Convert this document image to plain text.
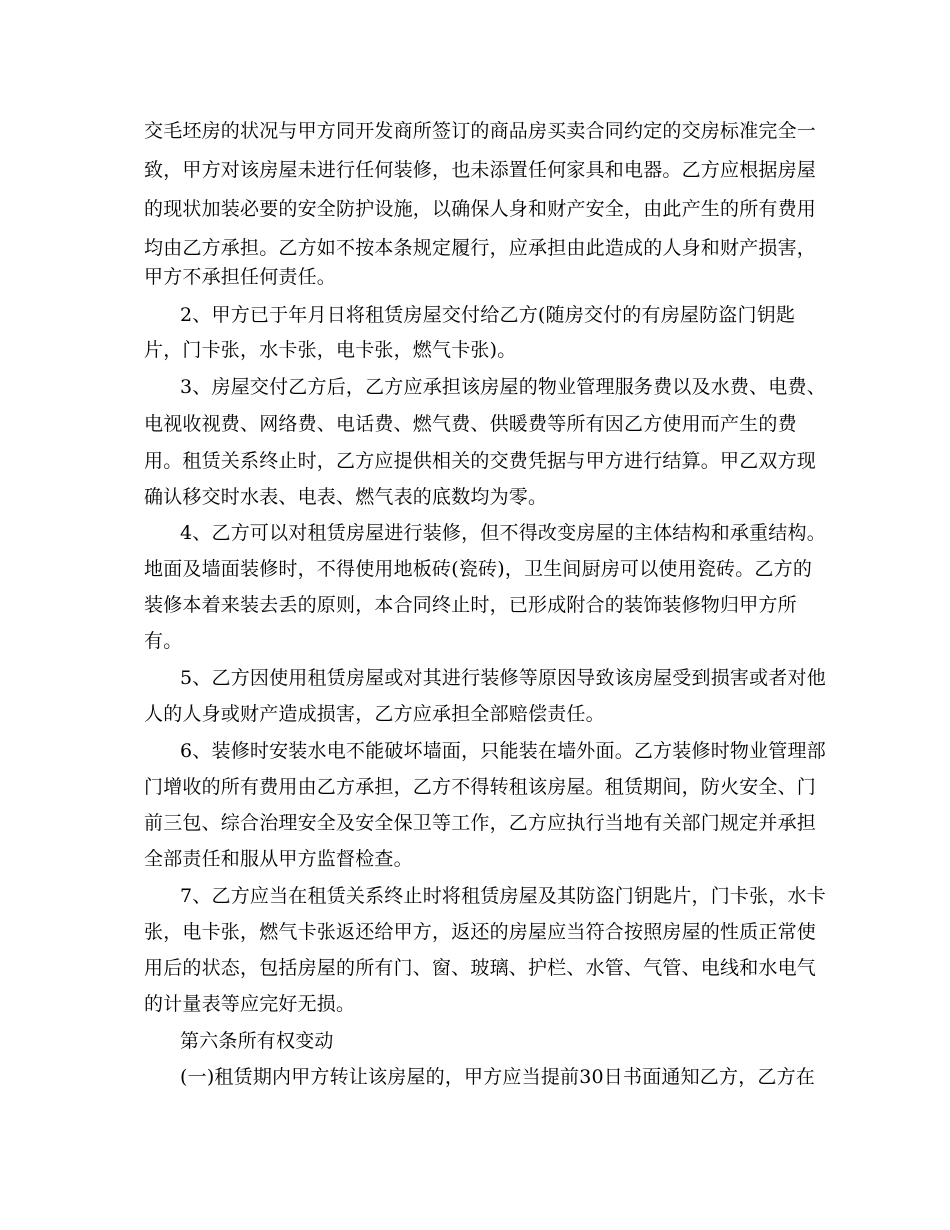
交毛坯房的状况与甲方同开发商所签订的商品房买卖合同约定的交房标准完全一
致，甲方对该房屋未进行任何装修，也未添置任何家具和电器。乙方应根据房屋
的现状加装必要的安全防护设施，以确保人身和财产安全，由此产生的所有费用
均由乙方承担。乙方如不按本条规定履行，应承担由此造成的人身和财产损害，
甲方不承担任何责任。
2、甲方已于年月日将租赁房屋交付给乙方(随房交付的有房屋防盗门钥匙
片，门卡张，水卡张，电卡张，燃气卡张)。
3、房屋交付乙方后，乙方应承担该房屋的物业管理服务费以及水费、电费、
电视收视费、网络费、电话费、燃气费、供暖费等所有因乙方使用而产生的费
用。租赁关系终止时，乙方应提供相关的交费凭据与甲方进行结算。甲乙双方现
确认移交时水表、电表、燃气表的底数均为零。
4、乙方可以对租赁房屋进行装修，但不得改变房屋的主体结构和承重结构。
地面及墙面装修时，不得使用地板砖(瓷砖)，卫生间厨房可以使用瓷砖。乙方的
装修本着来装去丢的原则，本合同终止时，已形成附合的装饰装修物归甲方所
有。
5、乙方因使用租赁房屋或对其进行装修等原因导致该房屋受到损害或者对他
人的人身或财产造成损害，乙方应承担全部赔偿责任。
6、装修时安装水电不能破坏墙面，只能装在墙外面。乙方装修时物业管理部
门增收的所有费用由乙方承担，乙方不得转租该房屋。租赁期间，防火安全、门
前三包、综合治理安全及安全保卫等工作，乙方应执行当地有关部门规定并承担
全部责任和服从甲方监督检查。
7、乙方应当在租赁关系终止时将租赁房屋及其防盗门钥匙片，门卡张，水卡
张，电卡张，燃气卡张返还给甲方，返还的房屋应当符合按照房屋的性质正常使
用后的状态，包括房屋的所有门、窗、玻璃、护栏、水管、气管、电线和水电气
的计量表等应完好无损。
第六条所有权变动
(一)租赁期内甲方转让该房屋的，甲方应当提前30日书面通知乙方，乙方在
